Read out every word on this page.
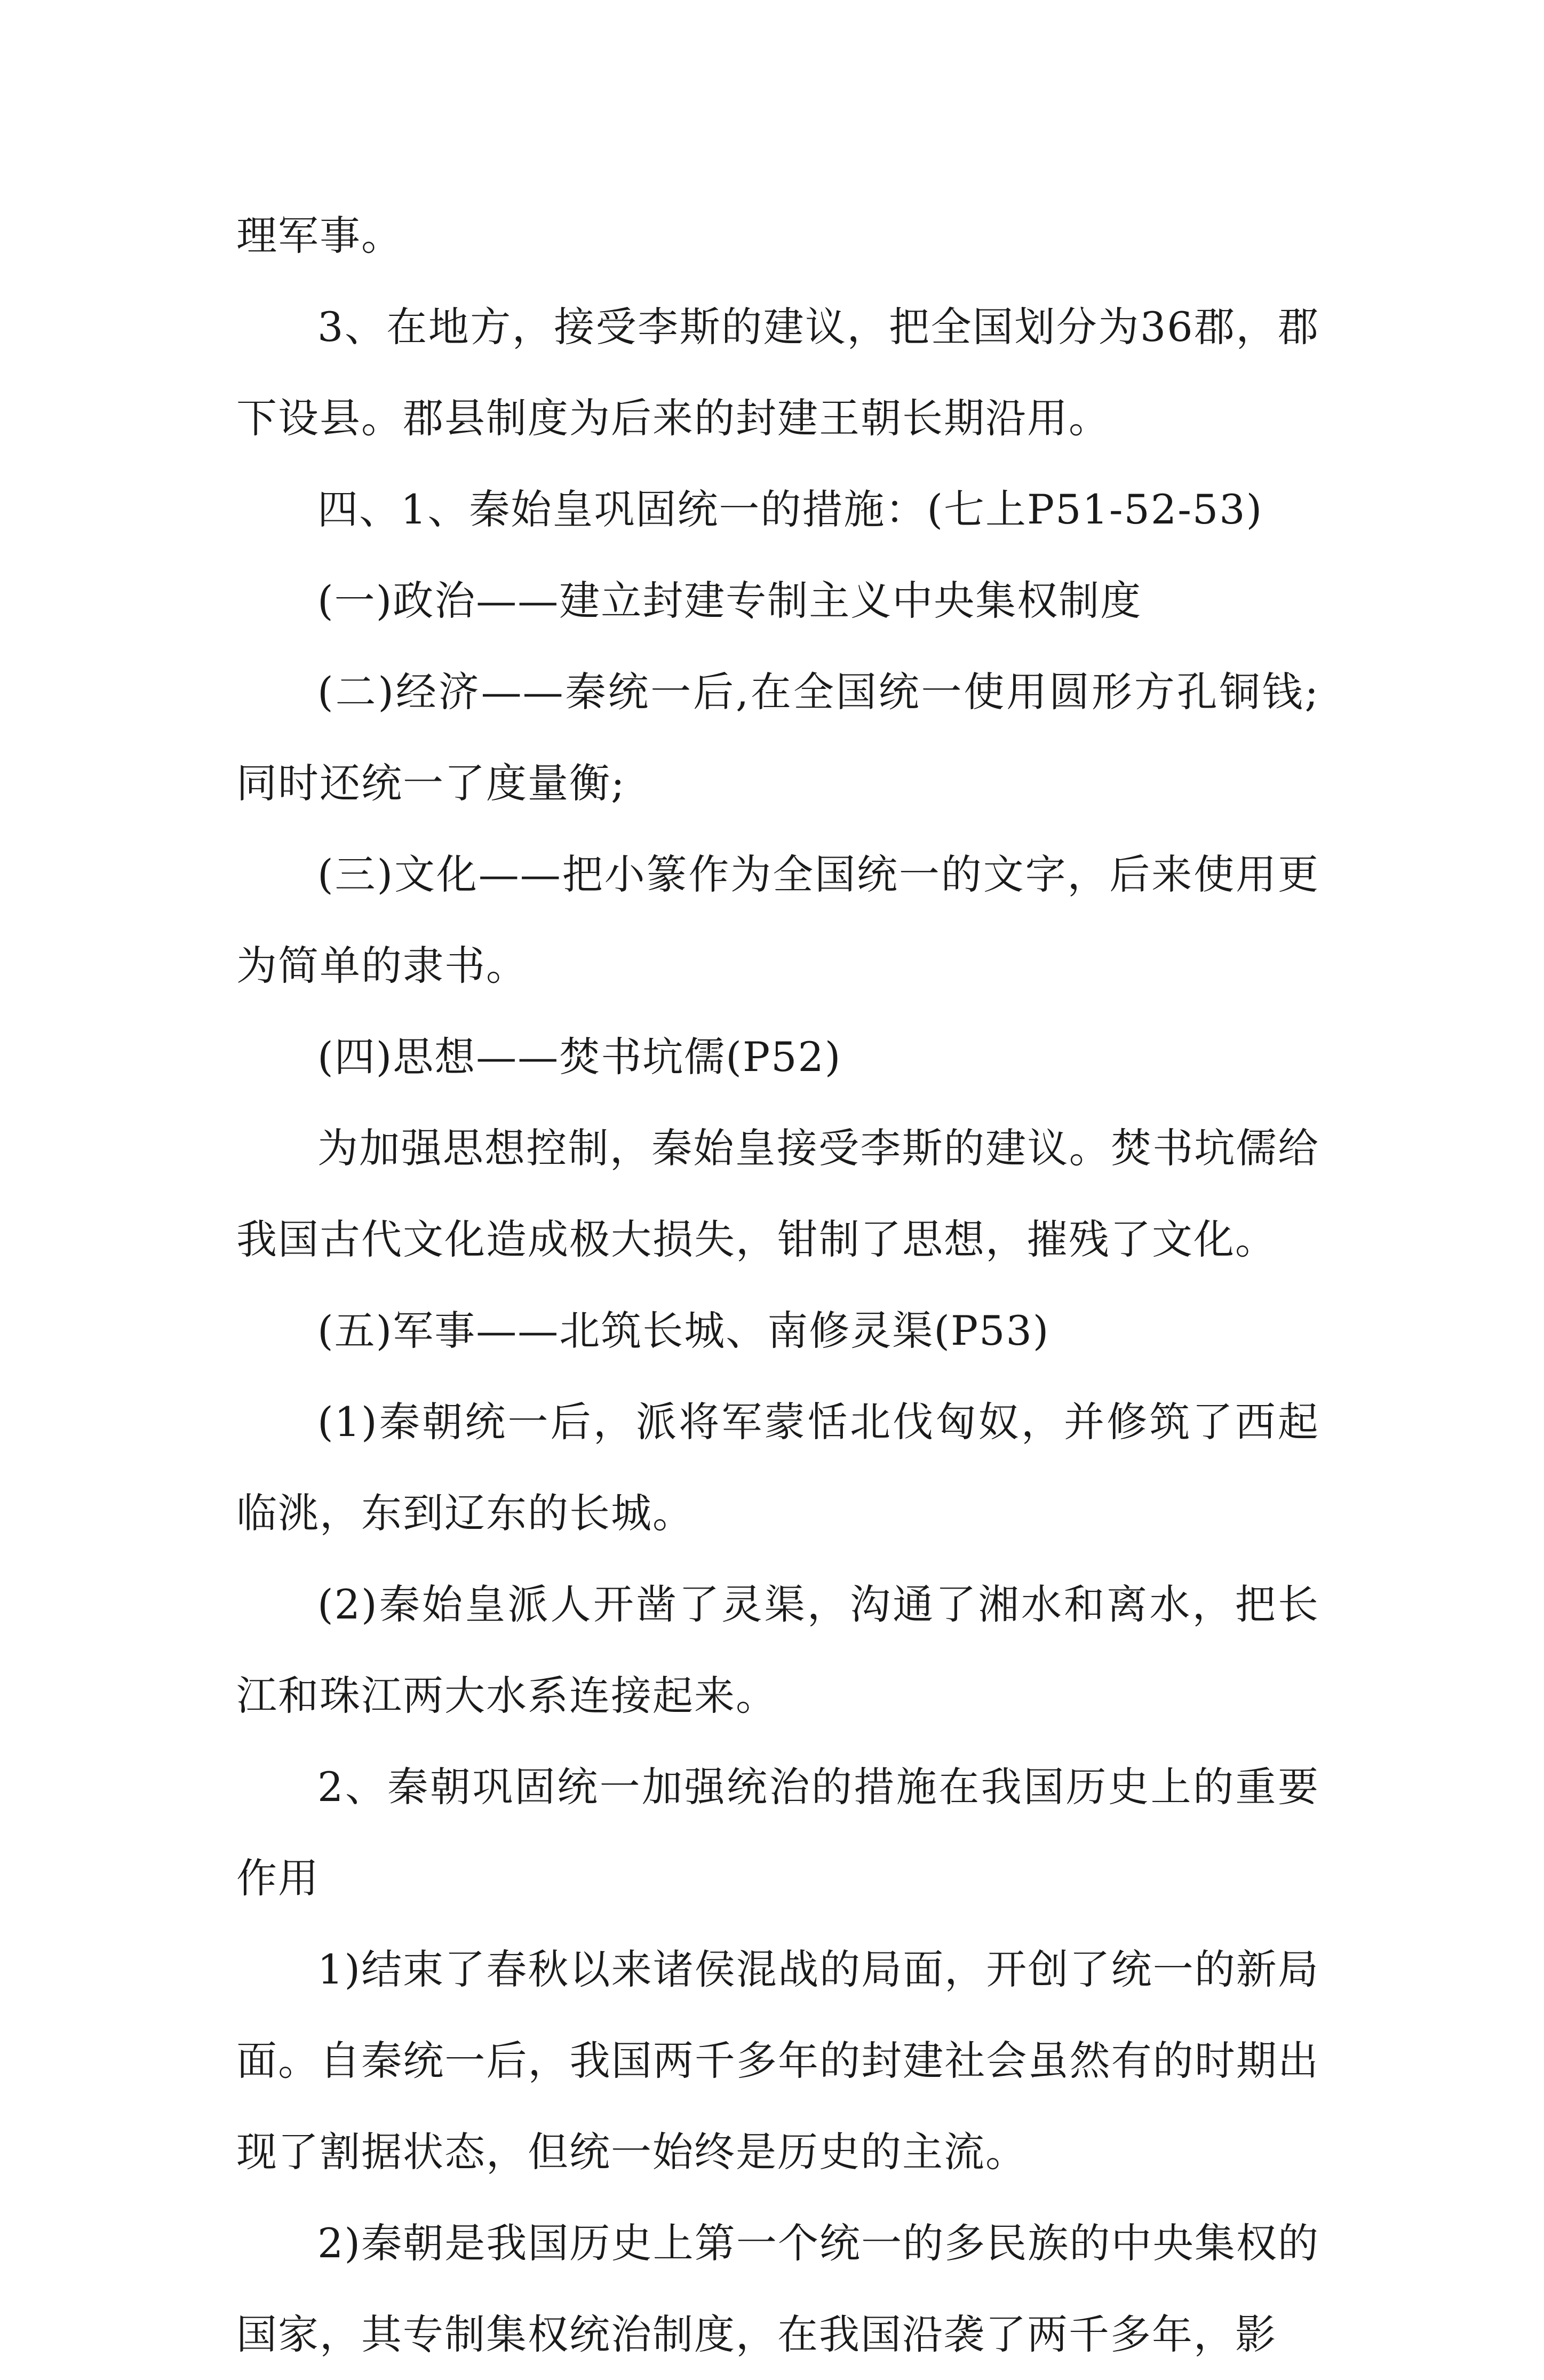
理军事。

3、在地方，接受李斯的建议，把全国划分为36郡，郡下设县。郡县制度为后来的封建王朝长期沿用。

四、1、秦始皇巩固统一的措施：(七上P51-52-53)

(一)政治——建立封建专制主义中央集权制度

(二)经济——秦统一后,在全国统一使用圆形方孔铜钱;同时还统一了度量衡;

(三)文化——把小篆作为全国统一的文字，后来使用更为简单的隶书。

(四)思想——焚书坑儒(P52)

为加强思想控制，秦始皇接受李斯的建议。焚书坑儒给我国古代文化造成极大损失，钳制了思想，摧残了文化。

(五)军事——北筑长城、南修灵渠(P53)

(1)秦朝统一后，派将军蒙恬北伐匈奴，并修筑了西起临洮，东到辽东的长城。

(2)秦始皇派人开凿了灵渠，沟通了湘水和离水，把长江和珠江两大水系连接起来。

2、秦朝巩固统一加强统治的措施在我国历史上的重要作用

1)结束了春秋以来诸侯混战的局面，开创了统一的新局面。自秦统一后，我国两千多年的封建社会虽然有的时期出现了割据状态，但统一始终是历史的主流。

2)秦朝是我国历史上第一个统一的多民族的中央集权的国家，其专制集权统治制度，在我国沿袭了两千多年，影
